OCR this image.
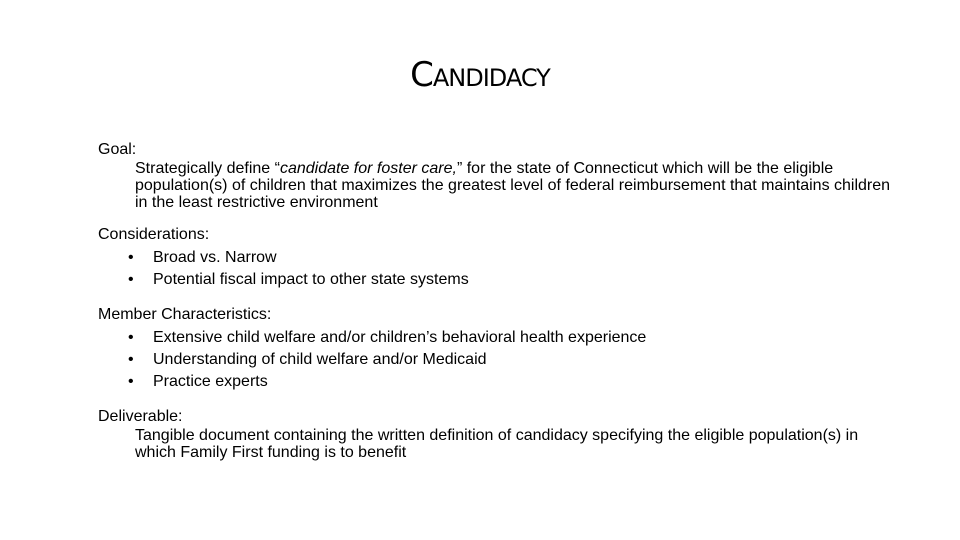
Candidacy
Goal:
Strategically define “candidate for foster care,” for the state of Connecticut which will be the eligible population(s) of children that maximizes the greatest level of federal reimbursement that maintains children in the least restrictive environment
Considerations:
• Broad vs. Narrow
• Potential fiscal impact to other state systems
Member Characteristics:
• Extensive child welfare and/or children’s behavioral health experience
• Understanding of child welfare and/or Medicaid
• Practice experts
Deliverable:
Tangible document containing the written definition of candidacy specifying the eligible population(s) in which Family First funding is to benefit
